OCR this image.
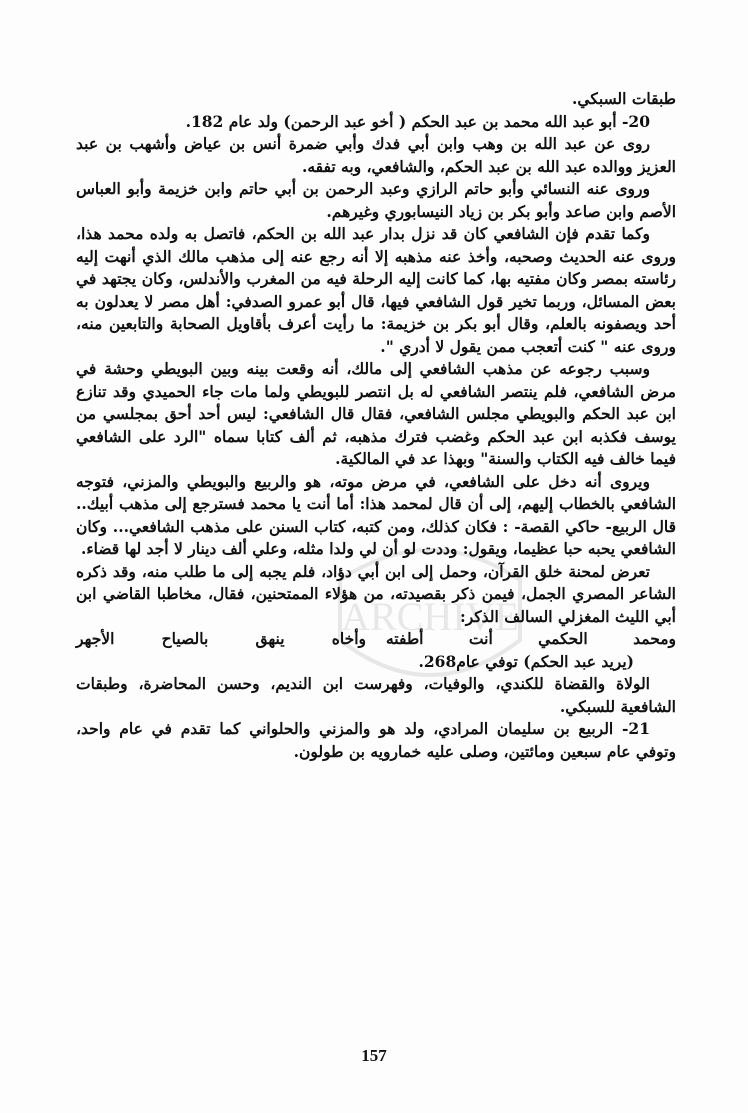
ARCHIVE

طبقات السبكي.

20- أبو عبد الله محمد بن عبد الحكم ( أخو عبد الرحمن) ولد عام 182.

روى عن عبد الله بن وهب وابن أبي فدك وأبي ضمرة أنس بن عياض وأشهب بن عبد العزيز ووالده عبد الله بن عبد الحكم، والشافعي، وبه تفقه.

وروى عنه النسائي وأبو حاتم الرازي وعبد الرحمن بن أبي حاتم وابن خزيمة وأبو العباس الأصم وابن صاعد وأبو بكر بن زياد النيسابوري وغيرهم.

وكما تقدم فإن الشافعي كان قد نزل بدار عبد الله بن الحكم، فاتصل به ولده محمد هذا، وروى عنه الحديث وصحبه، وأخذ عنه مذهبه إلا أنه رجع عنه إلى مذهب مالك الذي أنهت إليه رئاسته بمصر وكان مفتيه بها، كما كانت إليه الرحلة فيه من المغرب والأندلس، وكان يجتهد في بعض المسائل، وربما تخير قول الشافعي فيها، قال أبو عمرو الصدفي: أهل مصر لا يعدلون به أحد ويصفونه بالعلم، وقال أبو بكر بن خزيمة: ما رأيت أعرف بأقاويل الصحابة والتابعين منه، وروى عنه " كنت أتعجب ممن يقول لا أدري ".

وسبب رجوعه عن مذهب الشافعي إلى مالك، أنه وقعت بينه وبين البويطي وحشة في مرض الشافعي، فلم ينتصر الشافعي له بل انتصر للبويطي ولما مات جاء الحميدي وقد تنازع ابن عبد الحكم والبويطي مجلس الشافعي، فقال قال الشافعي: ليس أحد أحق بمجلسي من يوسف فكذبه ابن عبد الحكم وغضب فترك مذهبه، ثم ألف كتابا سماه "الرد على الشافعي فيما خالف فيه الكتاب والسنة" وبهذا عد في المالكية.

ويروى أنه دخل على الشافعي، في مرض موته، هو والربيع والبويطي والمزني، فتوجه الشافعي بالخطاب إليهم، إلى أن قال لمحمد هذا: أما أنت يا محمد فسترجع إلى مذهب أبيك.. قال الربيع- حاكي القصة- : فكان كذلك، ومن كتبه، كتاب السنن على مذهب الشافعي... وكان الشافعي يحبه حبا عظيما، ويقول: وددت لو أن لي ولدا مثله، وعلي ألف دينار لا أجد لها قضاء.

تعرض لمحنة خلق القرآن، وحمل إلى ابن أبي دؤاد، فلم يجبه إلى ما طلب منه، وقد ذكره الشاعر المصري الجمل، فيمن ذكر بقصيدته، من هؤلاء الممتحنين، فقال، مخاطبا القاضي ابن أبي الليث المغزلي السالف الذكر:

ومحمد الحكمي أنت أطفته
وأخاه ينهق بالصياح الأجهر

(يريد عبد الحكم) توفي عام268.

الولاة والقضاة للكندي، والوفيات، وفهرست ابن النديم، وحسن المحاضرة، وطبقات الشافعية للسبكي.

21- الربيع بن سليمان المرادي، ولد هو والمزني والحلواني كما تقدم في عام واحد، وتوفي عام سبعين ومائتين، وصلى عليه خمارويه بن طولون.

157
